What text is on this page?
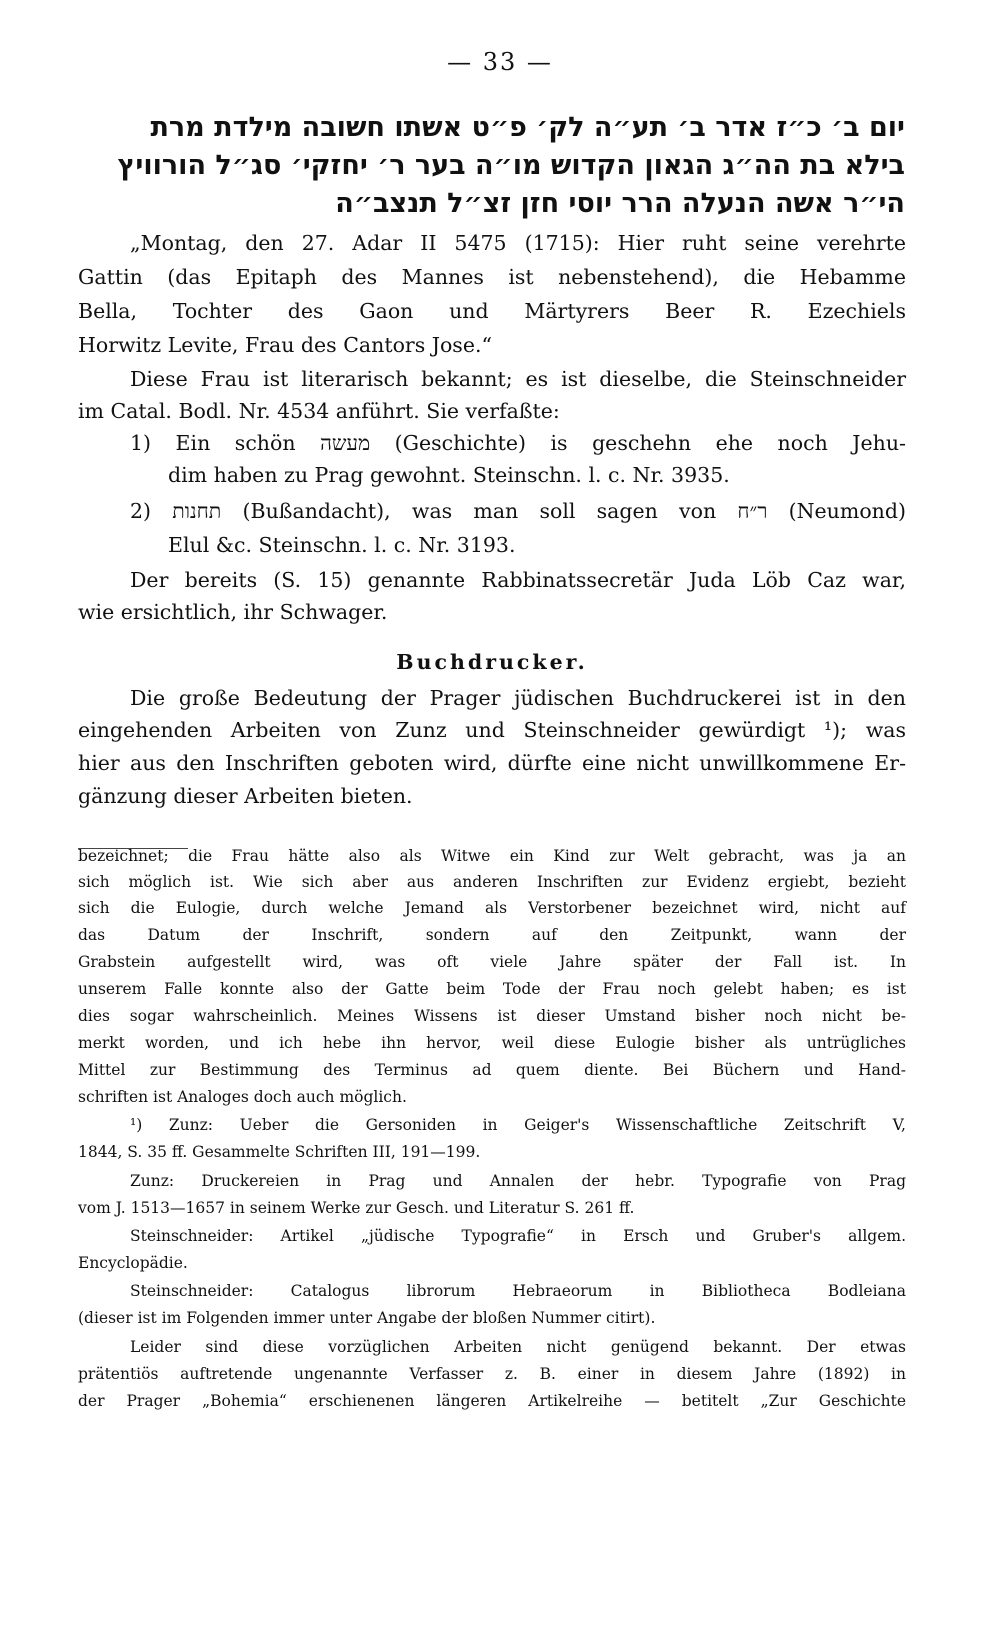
— 33 —
יום ב׳ כ״ז אדר ב׳ תע״ה לק׳ פ״ט אשתו חשובה מילדת מרת
בילא בת הה״ג הגאון הקדוש מו״ה בער ר׳ יחזקי׳ סג״ל הורוויץ
הי״ר אשה הנעלה הרר יוסי חזן זצ״ל תנצב״ה
„Montag, den 27. Adar II 5475 (1715): Hier ruht seine verehrte
Gattin (das Epitaph des Mannes ist nebenstehend), die Hebamme
Bella, Tochter des Gaon und Märtyrers Beer R. Ezechiels
Horwitz Levite, Frau des Cantors Jose.“
Diese Frau ist literarisch bekannt; es ist dieselbe, die Steinschneider
im Catal. Bodl. Nr. 4534 anführt. Sie verfaßte:
1) Ein schön מעשה (Geschichte) is geschehn ehe noch Jehu-
dim haben zu Prag gewohnt. Steinschn. l. c. Nr. 3935.
2) תחנות (Bußandacht), was man soll sagen von ר״ח (Neumond)
Elul &c. Steinschn. l. c. Nr. 3193.
Der bereits (S. 15) genannte Rabbinatssecretär Juda Löb Caz war,
wie ersichtlich, ihr Schwager.
Buchdrucker.
Die große Bedeutung der Prager jüdischen Buchdruckerei ist in den
eingehenden Arbeiten von Zunz und Steinschneider gewürdigt ¹); was
hier aus den Inschriften geboten wird, dürfte eine nicht unwillkommene Er-
gänzung dieser Arbeiten bieten.
bezeichnet; die Frau hätte also als Witwe ein Kind zur Welt gebracht, was ja an
sich möglich ist. Wie sich aber aus anderen Inschriften zur Evidenz ergiebt, bezieht
sich die Eulogie, durch welche Jemand als Verstorbener bezeichnet wird, nicht auf
das Datum der Inschrift, sondern auf den Zeitpunkt, wann der
Grabstein aufgestellt wird, was oft viele Jahre später der Fall ist. In
unserem Falle konnte also der Gatte beim Tode der Frau noch gelebt haben; es ist
dies sogar wahrscheinlich. Meines Wissens ist dieser Umstand bisher noch nicht be-
merkt worden, und ich hebe ihn hervor, weil diese Eulogie bisher als untrügliches
Mittel zur Bestimmung des Terminus ad quem diente. Bei Büchern und Hand-
schriften ist Analoges doch auch möglich.
¹) Zunz: Ueber die Gersoniden in Geiger's Wissenschaftliche Zeitschrift V,
1844, S. 35 ff. Gesammelte Schriften III, 191—199.
Zunz: Druckereien in Prag und Annalen der hebr. Typografie von Prag
vom J. 1513—1657 in seinem Werke zur Gesch. und Literatur S. 261 ff.
Steinschneider: Artikel „jüdische Typografie“ in Ersch und Gruber's allgem.
Encyclopädie.
Steinschneider: Catalogus librorum Hebraeorum in Bibliotheca Bodleiana
(dieser ist im Folgenden immer unter Angabe der bloßen Nummer citirt).
Leider sind diese vorzüglichen Arbeiten nicht genügend bekannt. Der etwas
prätentiös auftretende ungenannte Verfasser z. B. einer in diesem Jahre (1892) in
der Prager „Bohemia“ erschienenen längeren Artikelreihe — betitelt „Zur Geschichte
